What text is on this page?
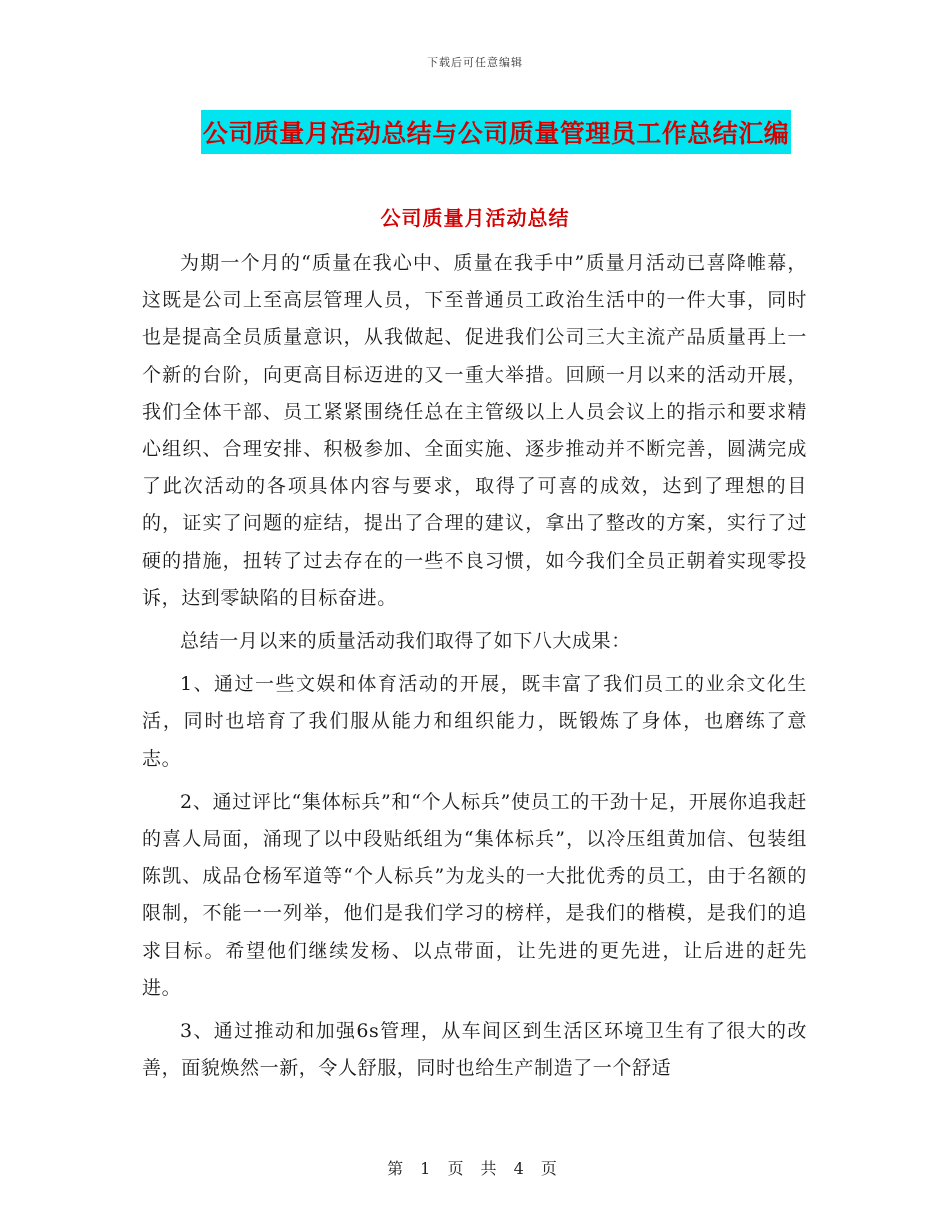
下载后可任意编辑
公司质量月活动总结与公司质量管理员工作总结汇编
公司质量月活动总结

为期一个月的“质量在我心中、质量在我手中”质量月活动已喜降帷幕，这既是公司上至高层管理人员，下至普通员工政治生活中的一件大事，同时也是提高全员质量意识，从我做起、促进我们公司三大主流产品质量再上一个新的台阶，向更高目标迈进的又一重大举措。回顾一月以来的活动开展，我们全体干部、员工紧紧围绕任总在主管级以上人员会议上的指示和要求精心组织、合理安排、积极参加、全面实施、逐步推动并不断完善，圆满完成了此次活动的各项具体内容与要求，取得了可喜的成效，达到了理想的目的，证实了问题的症结，提出了合理的建议，拿出了整改的方案，实行了过硬的措施，扭转了过去存在的一些不良习惯，如今我们全员正朝着实现零投诉，达到零缺陷的目标奋进。

总结一月以来的质量活动我们取得了如下八大成果：

1、通过一些文娱和体育活动的开展，既丰富了我们员工的业余文化生活，同时也培育了我们服从能力和组织能力，既锻炼了身体，也磨练了意志。

2、通过评比“集体标兵”和“个人标兵”使员工的干劲十足，开展你追我赶的喜人局面，涌现了以中段贴纸组为“集体标兵”，以冷压组黄加信、包装组陈凯、成品仓杨军道等“个人标兵”为龙头的一大批优秀的员工，由于名额的限制，不能一一列举，他们是我们学习的榜样，是我们的楷模，是我们的追求目标。希望他们继续发杨、以点带面，让先进的更先进，让后进的赶先进。

3、通过推动和加强6s管理，从车间区到生活区环境卫生有了很大的改善，面貌焕然一新，令人舒服，同时也给生产制造了一个舒适

第 1 页 共 4 页
